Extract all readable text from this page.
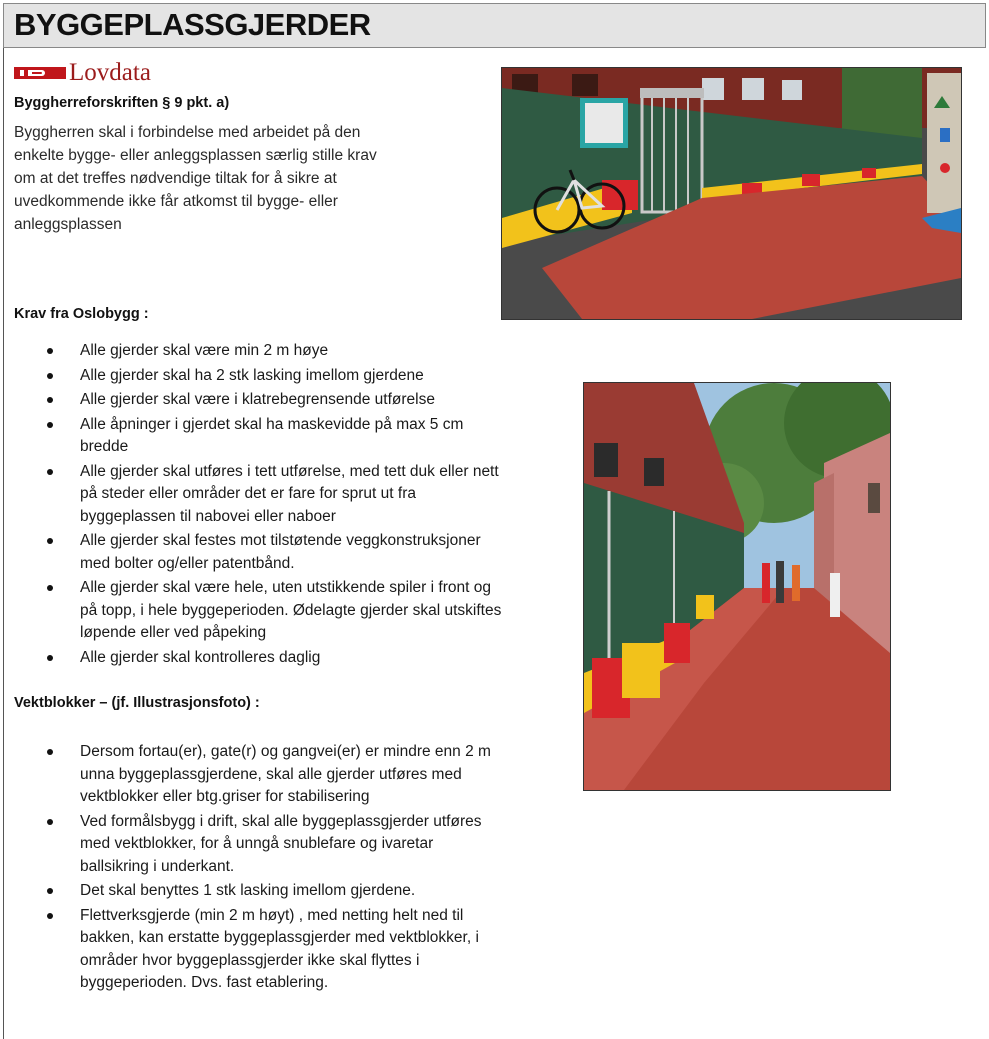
BYGGEPLASSGJERDER
Lovdata
Byggherreforskriften § 9 pkt. a)
Byggherren skal i forbindelse med arbeidet på den
enkelte bygge- eller anleggsplassen særlig stille krav
om at det treffes nødvendige tiltak for å sikre at
uvedkommende ikke får atkomst til bygge- eller
anleggsplassen
Krav fra Oslobygg :
Alle gjerder skal være min 2 m høye
Alle gjerder skal ha 2 stk lasking imellom gjerdene
Alle gjerder skal være i klatrebegrensende utførelse
Alle åpninger i gjerdet skal ha maskevidde på max 5 cm bredde
Alle gjerder skal utføres i tett utførelse, med tett duk eller nett på steder eller områder det er fare for sprut ut fra byggeplassen til nabovei eller naboer
Alle gjerder skal festes mot tilstøtende veggkonstruksjoner med bolter og/eller patentbånd.
Alle gjerder skal være hele, uten utstikkende spiler i front og på topp, i hele byggeperioden. Ødelagte gjerder skal utskiftes løpende eller ved påpeking
Alle gjerder skal kontrolleres daglig
Vektblokker – (jf. Illustrasjonsfoto) :
Dersom fortau(er), gate(r) og gangvei(er) er mindre enn 2 m unna byggeplassgjerdene, skal alle gjerder utføres med vektblokker eller btg.griser for stabilisering
Ved formålsbygg i drift, skal alle byggeplassgjerder utføres med vektblokker, for å unngå snublefare og ivaretar ballsikring i underkant.
Det skal benyttes 1 stk lasking imellom gjerdene.
Flettverksgjerde (min 2 m høyt) , med netting helt ned til bakken, kan erstatte byggeplassgjerder med vektblokker, i områder hvor byggeplassgjerder ikke skal flyttes i byggeperioden. Dvs. fast etablering.
